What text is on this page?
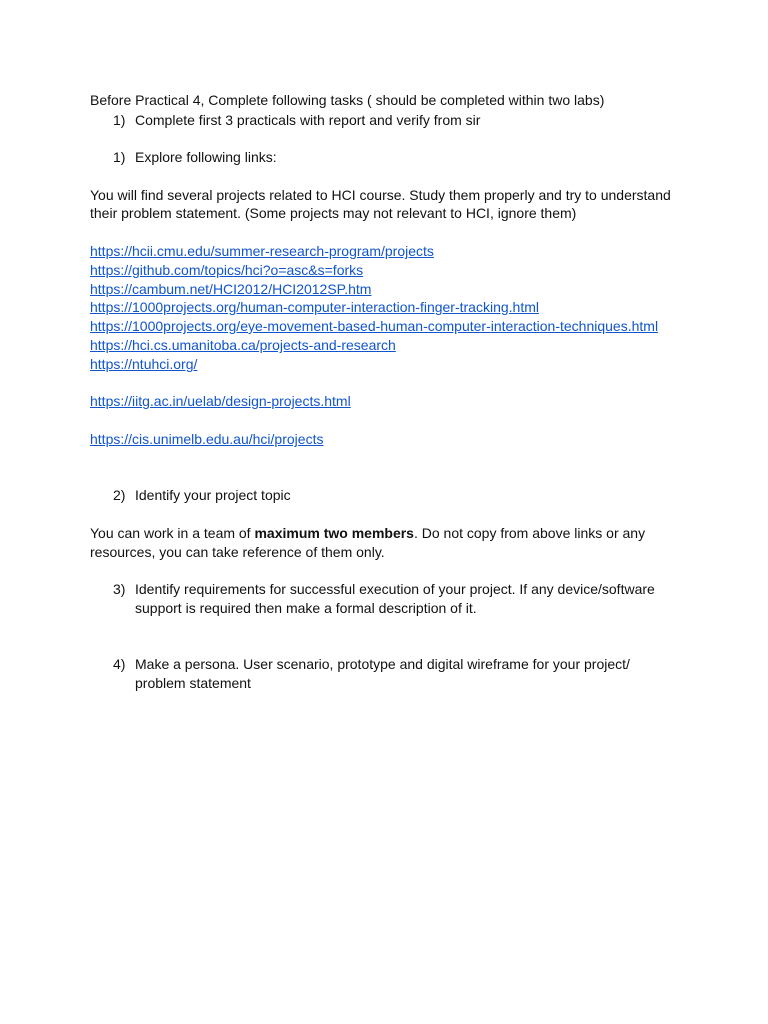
Before Practical 4, Complete following tasks ( should be completed within two labs)
1) Complete first 3 practicals with report and verify from sir
1) Explore following links:
You will find several projects related to HCI course. Study them properly and try to understand
their problem statement. (Some projects may not relevant to HCI, ignore them)
https://hcii.cmu.edu/summer-research-program/projects
https://github.com/topics/hci?o=asc&s=forks
https://cambum.net/HCI2012/HCI2012SP.htm
https://1000projects.org/human-computer-interaction-finger-tracking.html
https://1000projects.org/eye-movement-based-human-computer-interaction-techniques.html
https://hci.cs.umanitoba.ca/projects-and-research
https://ntuhci.org/
https://iitg.ac.in/uelab/design-projects.html
https://cis.unimelb.edu.au/hci/projects
2) Identify your project topic
You can work in a team of maximum two members. Do not copy from above links or any
resources, you can take reference of them only.
3) Identify requirements for successful execution of your project. If any device/software
support is required then make a formal description of it.
4) Make a persona. User scenario, prototype and digital wireframe for your project/
problem statement
